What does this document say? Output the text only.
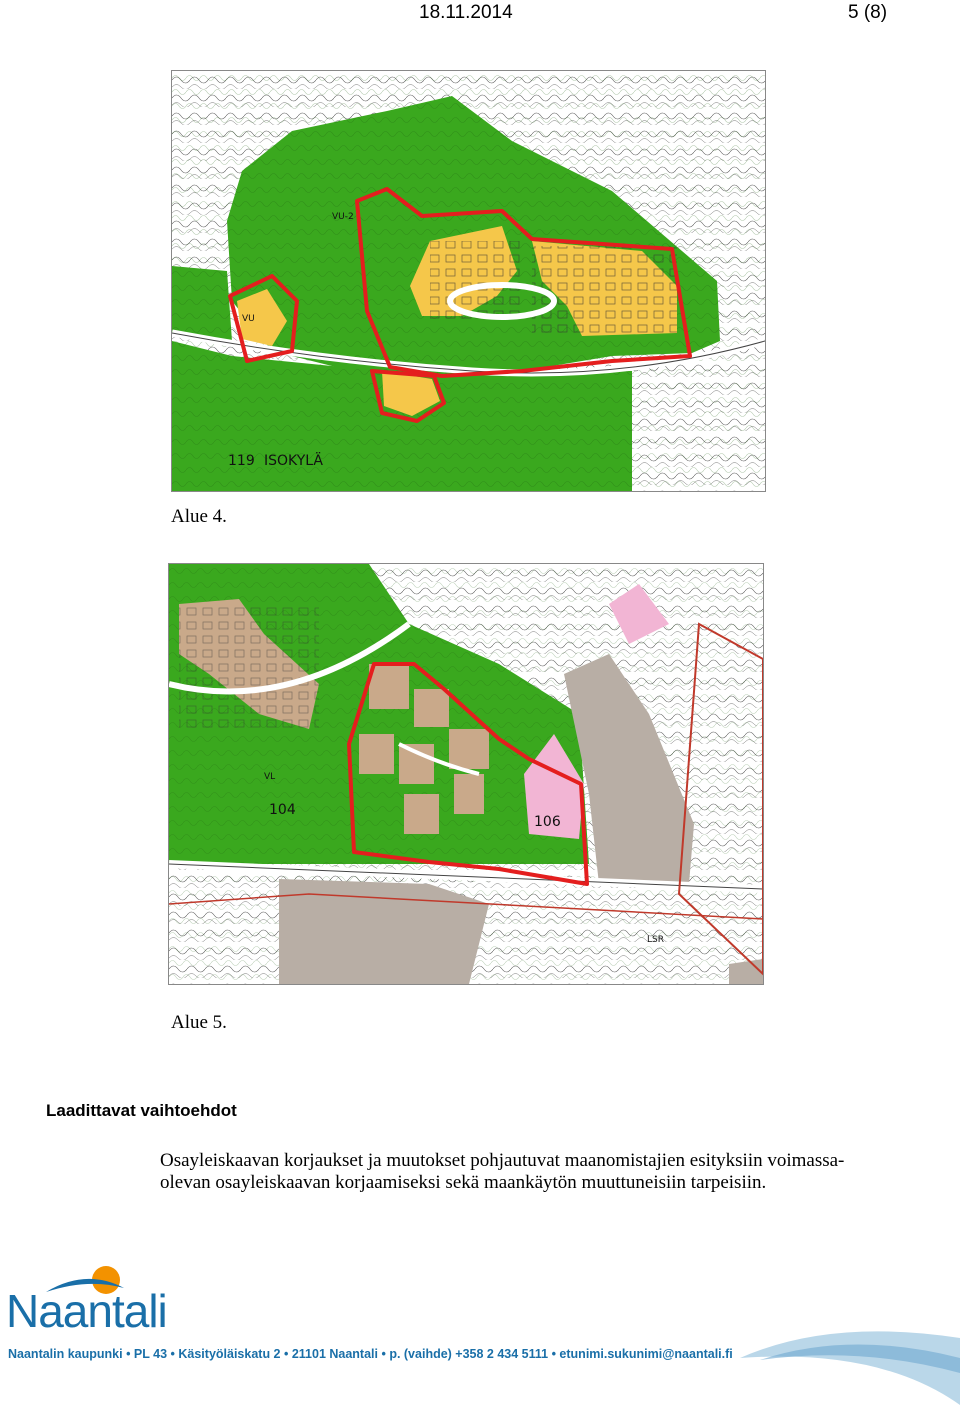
18.11.2014	5 (8)
119 ISOKYLÄ
VU-2
VU
Alue 4.
104
106
VL
LSR
Alue 5.
Laadittavat vaihtoehdot
Osayleiskaavan korjaukset ja muutokset pohjautuvat maanomistajien esityksiin voimassa-
olevan osayleiskaavan korjaamiseksi sekä maankäytön muuttuneisiin tarpeisiin.
Naantali
Naantalin kaupunki • PL 43 • Käsityöläiskatu 2 • 21101 Naantali • p. (vaihde) +358 2 434 5111 • etunimi.sukunimi@naantali.fi
